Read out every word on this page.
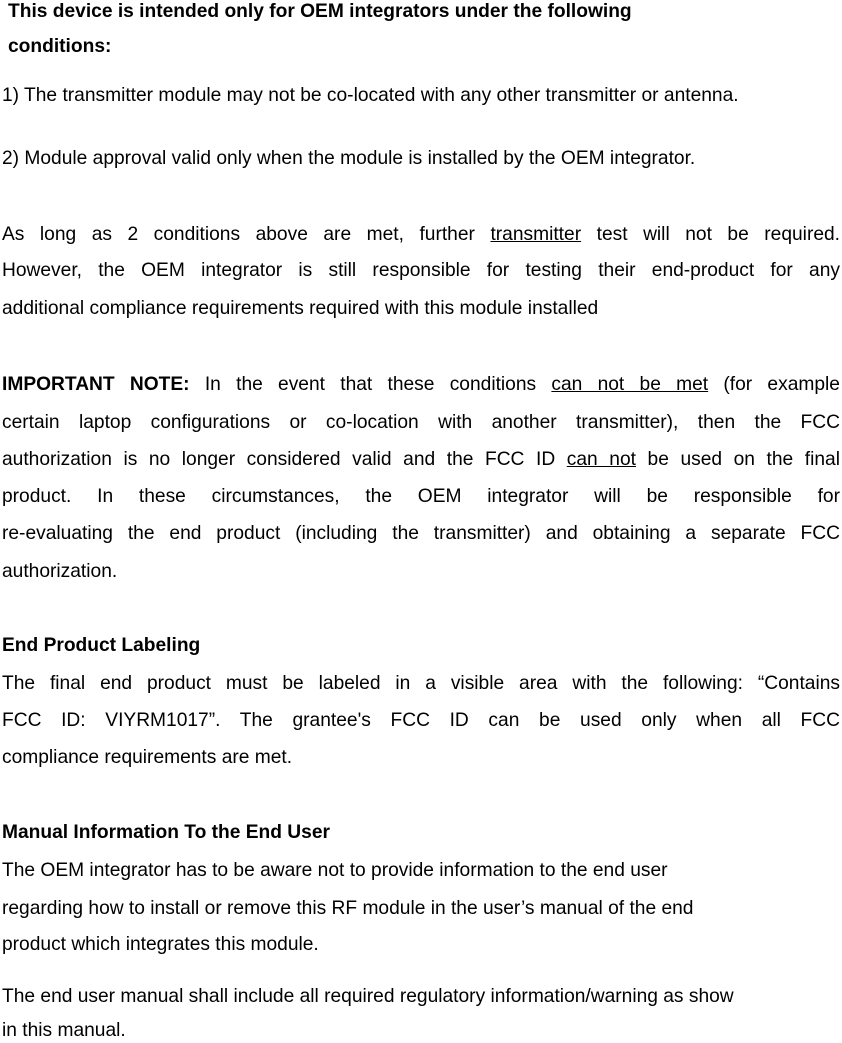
This device is intended only for OEM integrators under the following
conditions:
1) The transmitter module may not be co-located with any other transmitter or antenna.
2) Module approval valid only when the module is installed by the OEM integrator.
As long as 2 conditions above are met, further transmitter test will not be required.
However, the OEM integrator is still responsible for testing their end-product for any
additional compliance requirements required with this module installed
IMPORTANT NOTE: In the event that these conditions can not be met (for example
certain laptop configurations or co-location with another transmitter), then the FCC
authorization is no longer considered valid and the FCC ID can not be used on the final
product. In these circumstances, the OEM integrator will be responsible for
re-evaluating the end product (including the transmitter) and obtaining a separate FCC
authorization.
End Product Labeling
The final end product must be labeled in a visible area with the following: “Contains
FCC ID: VIYRM1017”. The grantee's FCC ID can be used only when all FCC
compliance requirements are met.
Manual Information To the End User
The OEM integrator has to be aware not to provide information to the end user
regarding how to install or remove this RF module in the user’s manual of the end
product which integrates this module.
The end user manual shall include all required regulatory information/warning as show
in this manual.
